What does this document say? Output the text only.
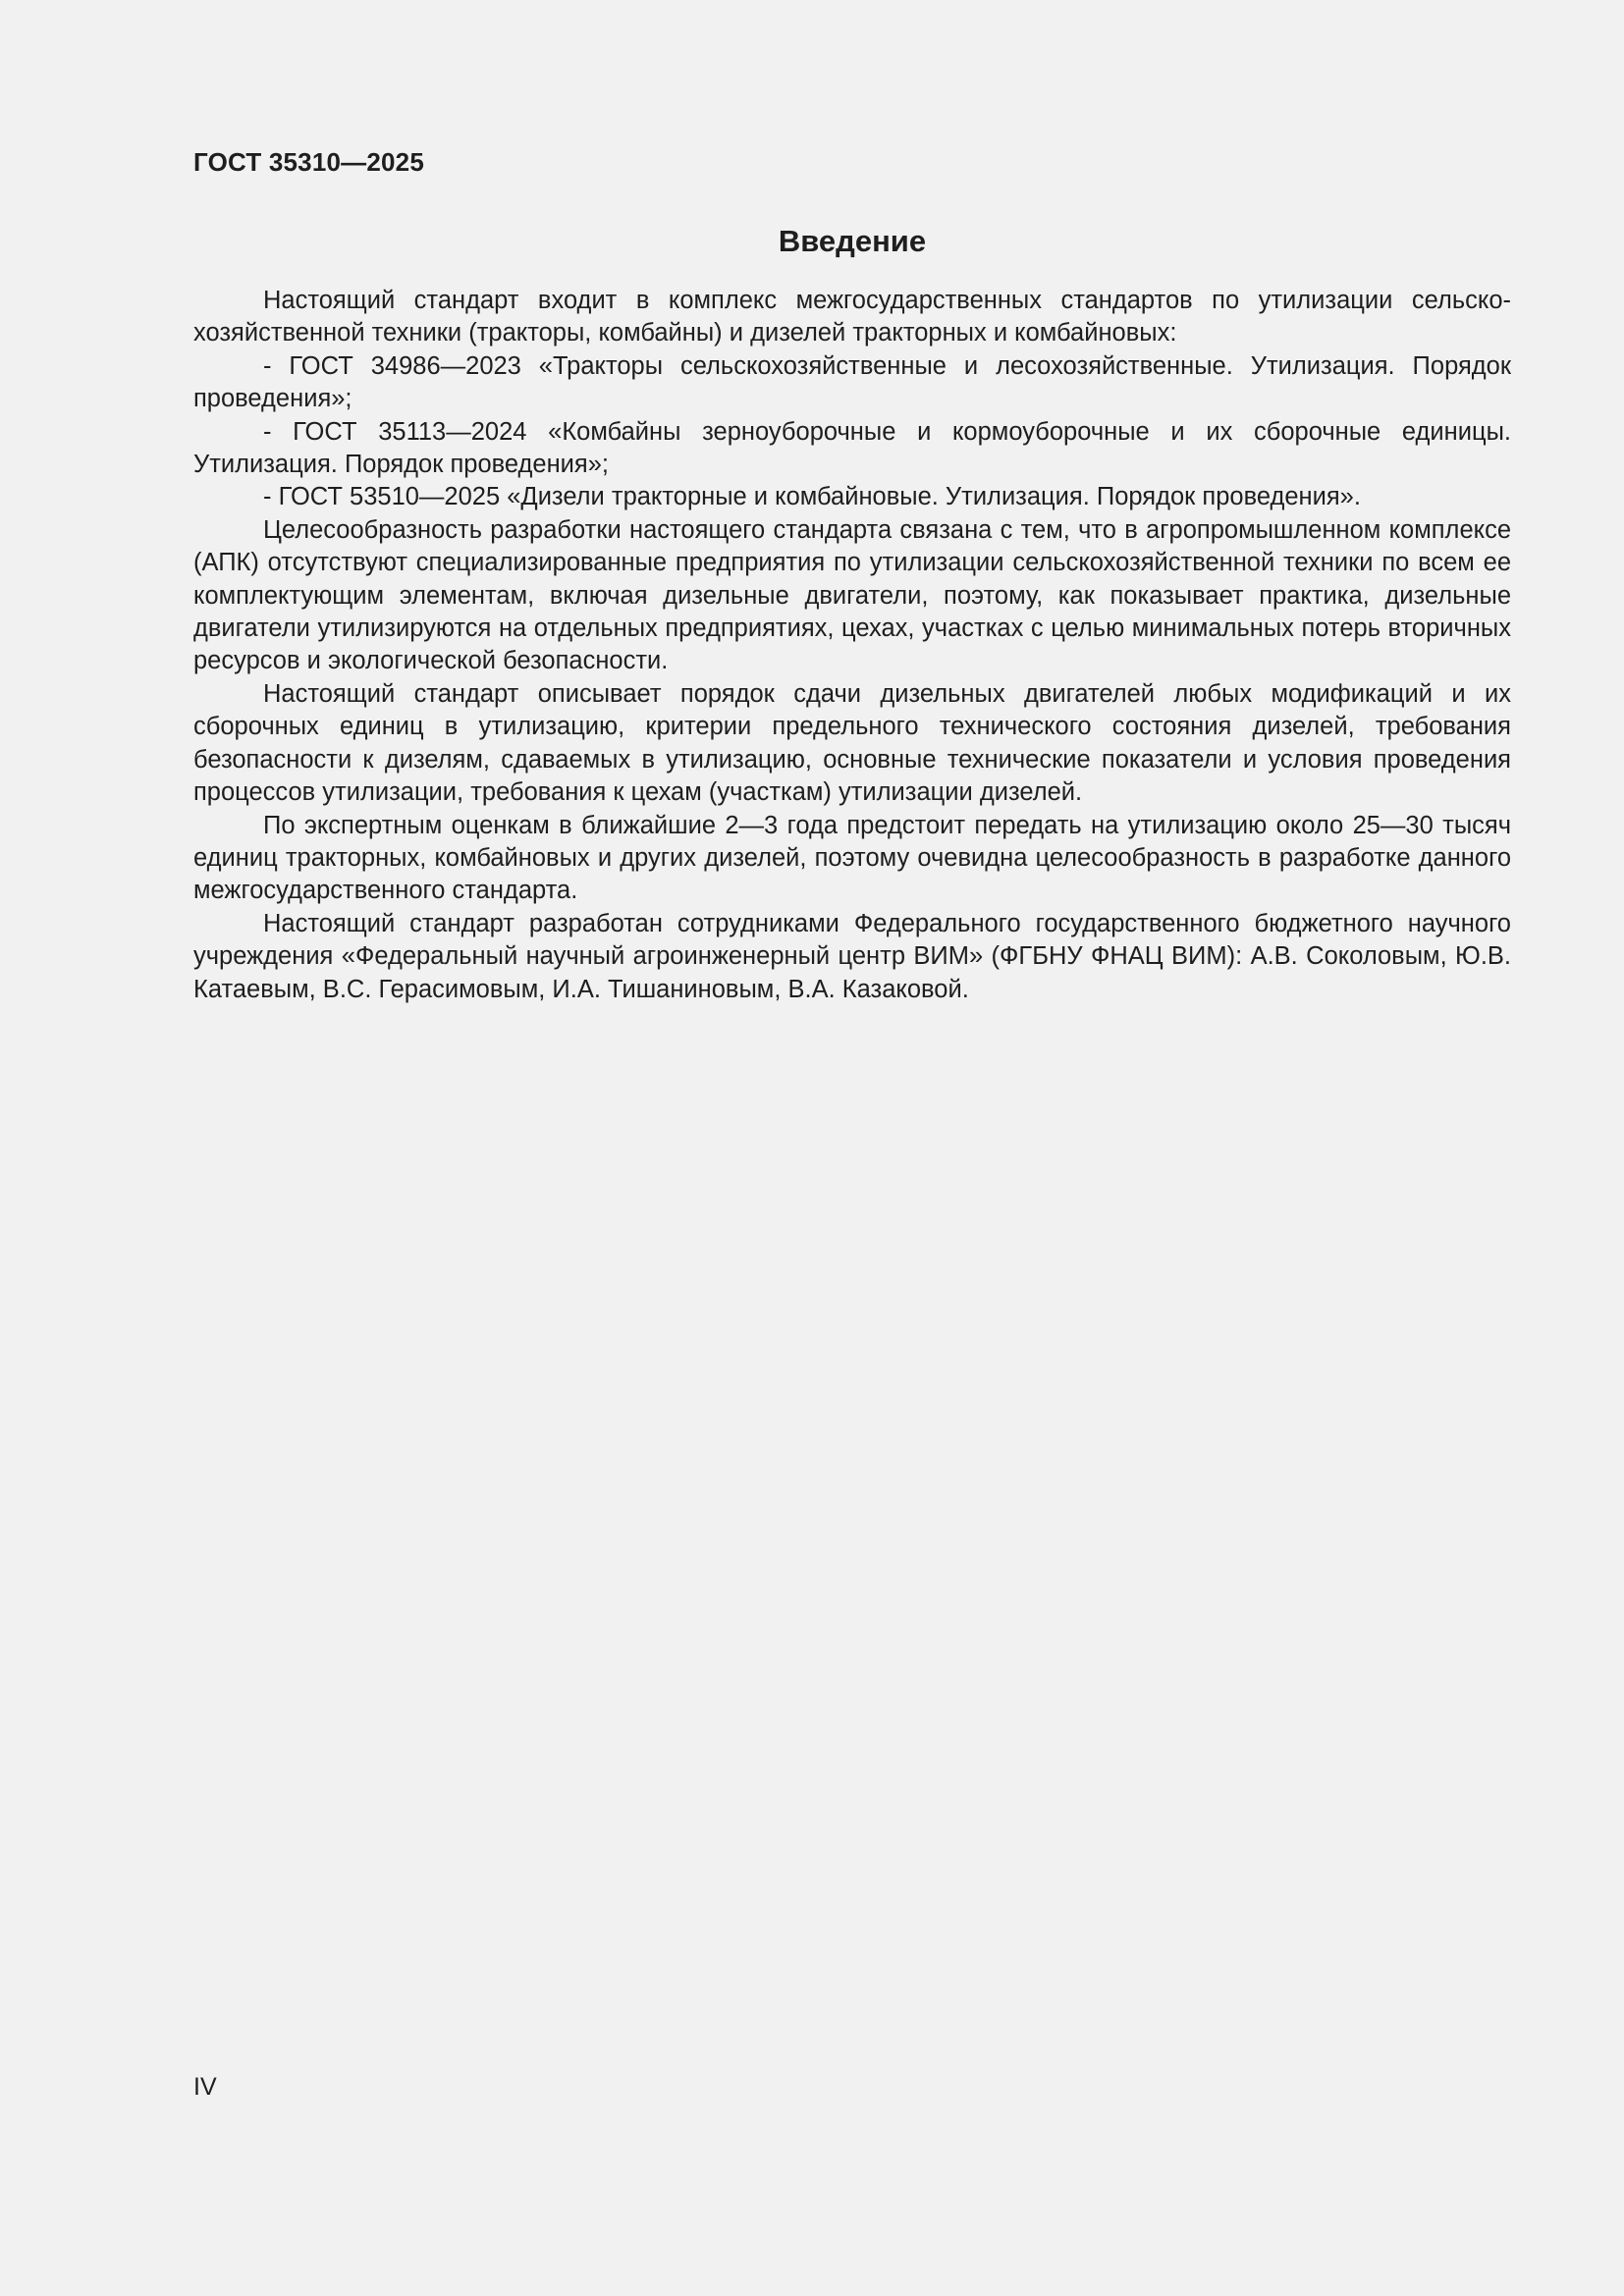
ГОСТ 35310—2025
Введение

Настоящий стандарт входит в комплекс межгосударственных стандартов по утилизации сельскохозяйственной техники (тракторы, комбайны) и дизелей тракторных и комбайновых:

- ГОСТ 34986—2023 «Тракторы сельскохозяйственные и лесохозяйственные. Утилизация. Порядок проведения»;

- ГОСТ 35113—2024 «Комбайны зерноуборочные и кормоуборочные и их сборочные единицы. Утилизация. Порядок проведения»;

- ГОСТ 53510—2025 «Дизели тракторные и комбайновые. Утилизация. Порядок проведения».

Целесообразность разработки настоящего стандарта связана с тем, что в агропромышленном комплексе (АПК) отсутствуют специализированные предприятия по утилизации сельскохозяйственной техники по всем ее комплектующим элементам, включая дизельные двигатели, поэтому, как показывает практика, дизельные двигатели утилизируются на отдельных предприятиях, цехах, участках с целью минимальных потерь вторичных ресурсов и экологической безопасности.

Настоящий стандарт описывает порядок сдачи дизельных двигателей любых модификаций и их сборочных единиц в утилизацию, критерии предельного технического состояния дизелей, требования безопасности к дизелям, сдаваемых в утилизацию, основные технические показатели и условия проведения процессов утилизации, требования к цехам (участкам) утилизации дизелей.

По экспертным оценкам в ближайшие 2—3 года предстоит передать на утилизацию около 25—30 тысяч единиц тракторных, комбайновых и других дизелей, поэтому очевидна целесообразность в разработке данного межгосударственного стандарта.

Настоящий стандарт разработан сотрудниками Федерального государственного бюджетного научного учреждения «Федеральный научный агроинженерный центр ВИМ» (ФГБНУ ФНАЦ ВИМ): А.В. Соколовым, Ю.В. Катаевым, В.С. Герасимовым, И.А. Тишаниновым, В.А. Казаковой.

IV
